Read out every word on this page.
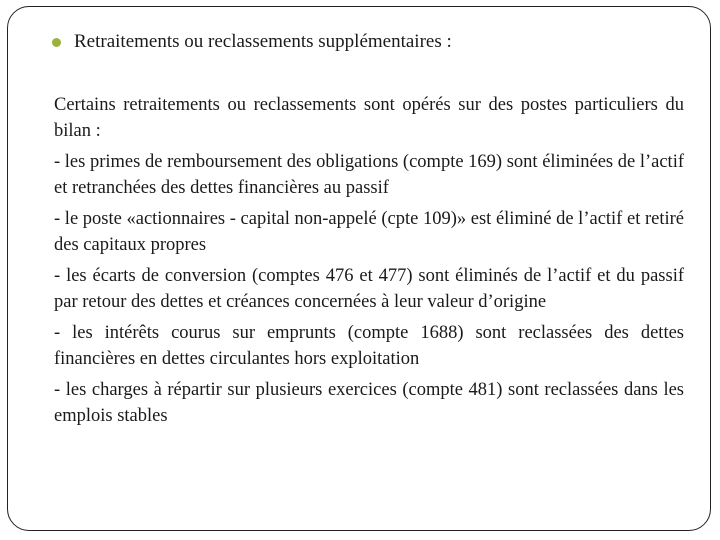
Retraitements ou reclassements supplémentaires :

Certains retraitements ou reclassements sont opérés sur des postes particuliers du bilan :

- les primes de remboursement des obligations (compte 169) sont éliminées de l’actif et retranchées des dettes financières au passif

- le poste «actionnaires - capital non-appelé (cpte 109)» est éliminé de l’actif et retiré des capitaux propres

- les écarts de conversion (comptes 476 et 477) sont éliminés de l’actif et du passif par retour des dettes et créances concernées à leur valeur d’origine

- les intérêts courus sur emprunts (compte 1688) sont reclassées des dettes financières en dettes circulantes hors exploitation

- les charges à répartir sur plusieurs exercices (compte 481) sont reclassées dans les emplois stables
